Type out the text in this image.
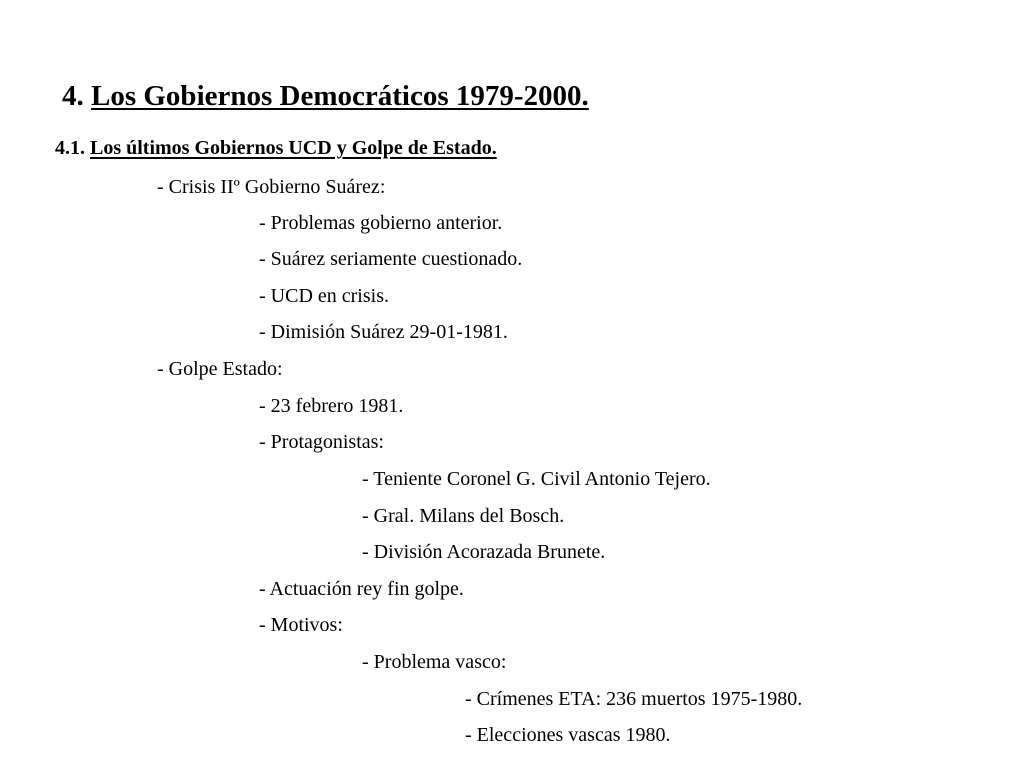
4. Los Gobiernos Democráticos 1979-2000.
4.1. Los últimos Gobiernos UCD y Golpe de Estado.
- Crisis IIº Gobierno Suárez:
- Problemas gobierno anterior.
- Suárez seriamente cuestionado.
- UCD en crisis.
- Dimisión Suárez 29-01-1981.
- Golpe Estado:
- 23 febrero 1981.
- Protagonistas:
- Teniente Coronel G. Civil Antonio Tejero.
- Gral. Milans del Bosch.
- División Acorazada Brunete.
- Actuación rey fin golpe.
- Motivos:
- Problema vasco:
- Crímenes ETA: 236 muertos 1975-1980.
- Elecciones vascas 1980.
